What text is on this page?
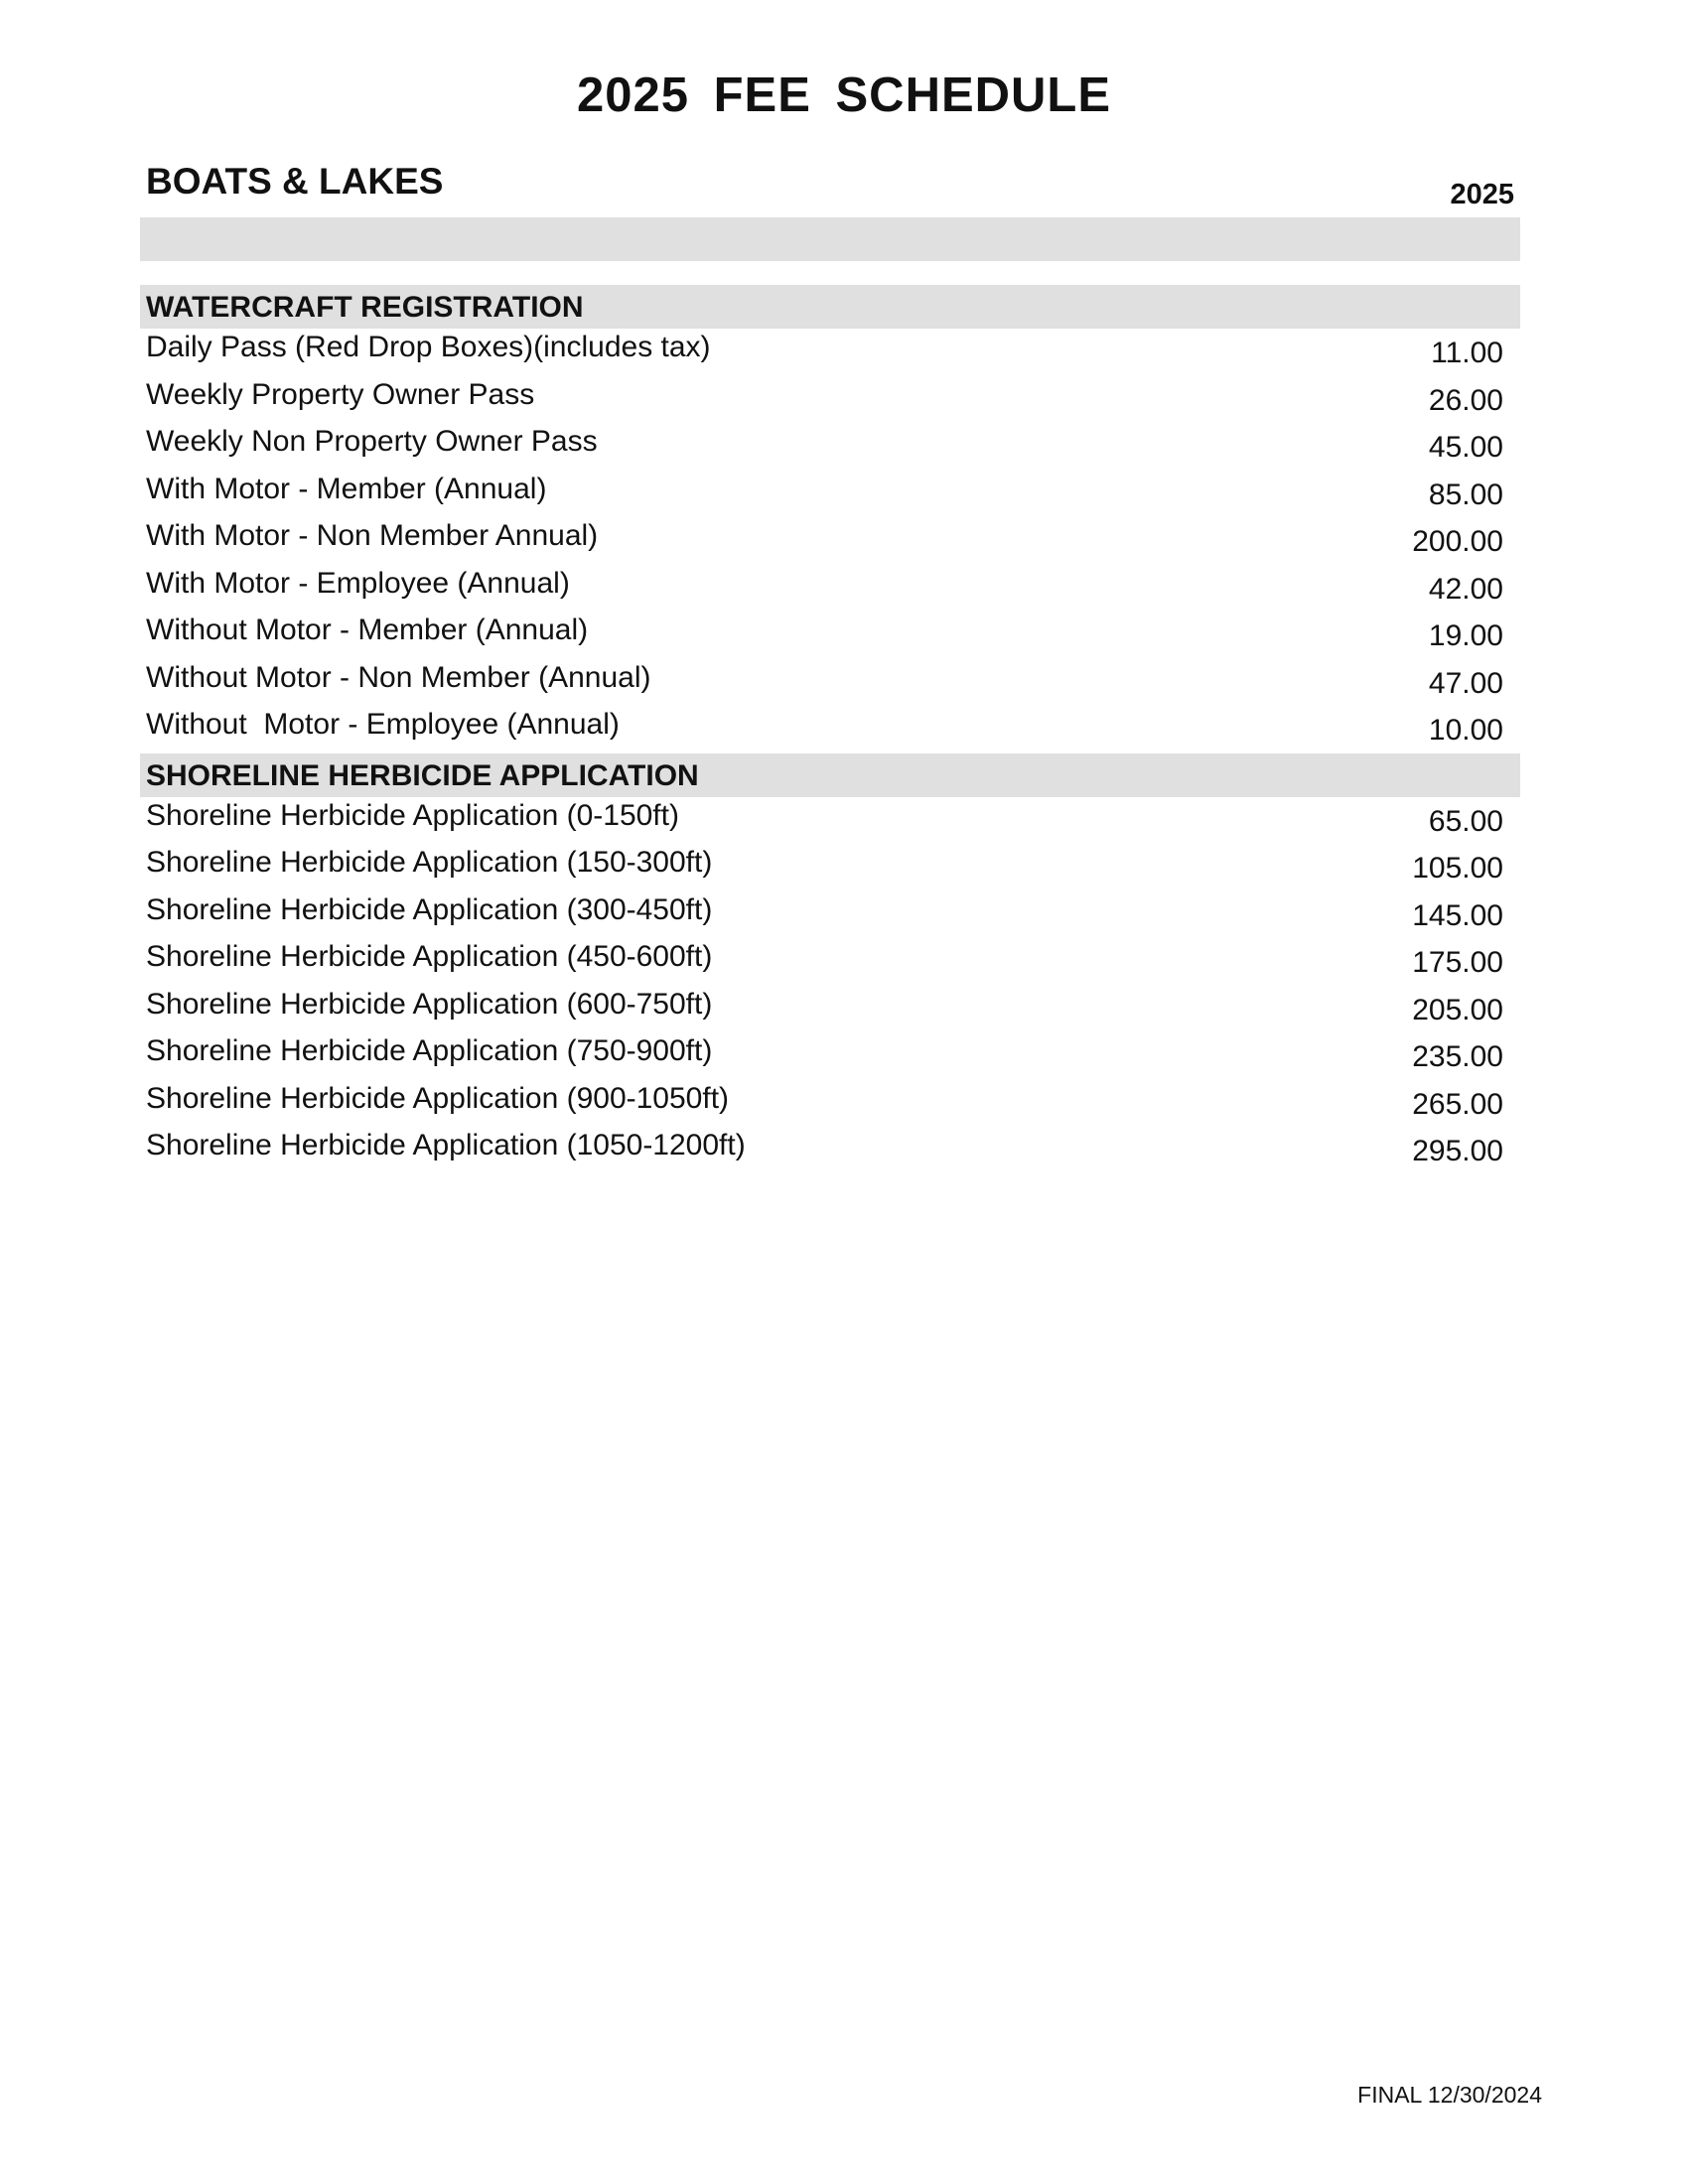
2025 FEE SCHEDULE
BOATS & LAKES	2025
WATERCRAFT REGISTRATION
Daily Pass (Red Drop Boxes)(includes tax)	11.00
Weekly Property Owner Pass	26.00
Weekly Non Property Owner Pass	45.00
With Motor - Member (Annual)	85.00
With Motor - Non Member Annual)	200.00
With Motor - Employee (Annual)	42.00
Without Motor - Member (Annual)	19.00
Without Motor - Non Member (Annual)	47.00
Without  Motor - Employee (Annual)	10.00
SHORELINE HERBICIDE APPLICATION
Shoreline Herbicide Application (0-150ft)	65.00
Shoreline Herbicide Application (150-300ft)	105.00
Shoreline Herbicide Application (300-450ft)	145.00
Shoreline Herbicide Application (450-600ft)	175.00
Shoreline Herbicide Application (600-750ft)	205.00
Shoreline Herbicide Application (750-900ft)	235.00
Shoreline Herbicide Application (900-1050ft)	265.00
Shoreline Herbicide Application (1050-1200ft)	295.00
FINAL 12/30/2024
